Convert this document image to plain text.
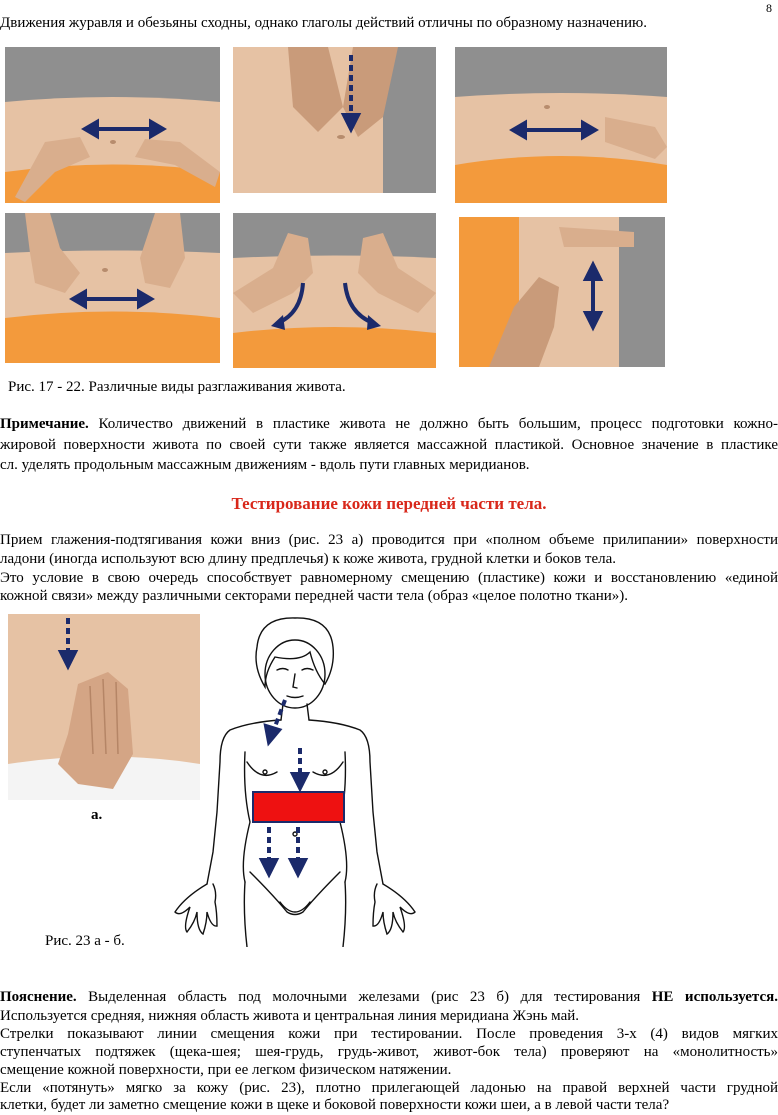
8
Движения журавля и обезьяны сходны, однако глаголы действий отличны по образному назначению.
Рис. 17 - 22. Различные виды разглаживания живота.
Примечание. Количество движений в пластике живота не должно быть большим, процесс подготовки кожно-
жировой поверхности живота по своей сути также является массажной пластикой. Основное значение в пластике
сл. уделять продольным массажным движениям - вдоль пути главных меридианов.
Тестирование кожи передней части тела.
Прием глажения-подтягивания кожи вниз (рис. 23 а) проводится при «полном объеме прилипании» поверхности
ладони (иногда используют всю длину предплечья) к коже живота, грудной клетки и боков тела.
Это условие в свою очередь способствует равномерному смещению (пластике) кожи и восстановлению «единой
кожной связи» между различными секторами передней части тела (образ «целое полотно ткани»).
а.
Рис. 23 а - б.
Пояснение. Выделенная область под молочными железами (рис 23 б) для тестирования НЕ используется.
Используется средняя, нижняя область живота и центральная линия меридиана Жэнь май.
Стрелки показывают линии смещения кожи при тестировании. После проведения 3-х (4) видов мягких
ступенчатых подтяжек (щека-шея; шея-грудь, грудь-живот, живот-бок тела) проверяют на «монолитность»
смещение кожной поверхности, при ее легком физическом натяжении.
Если «потянуть» мягко за кожу (рис. 23), плотно прилегающей ладонью на правой верхней части грудной
клетки, будет ли заметно смещение кожи в щеке и боковой поверхности кожи шеи, а в левой части тела?
